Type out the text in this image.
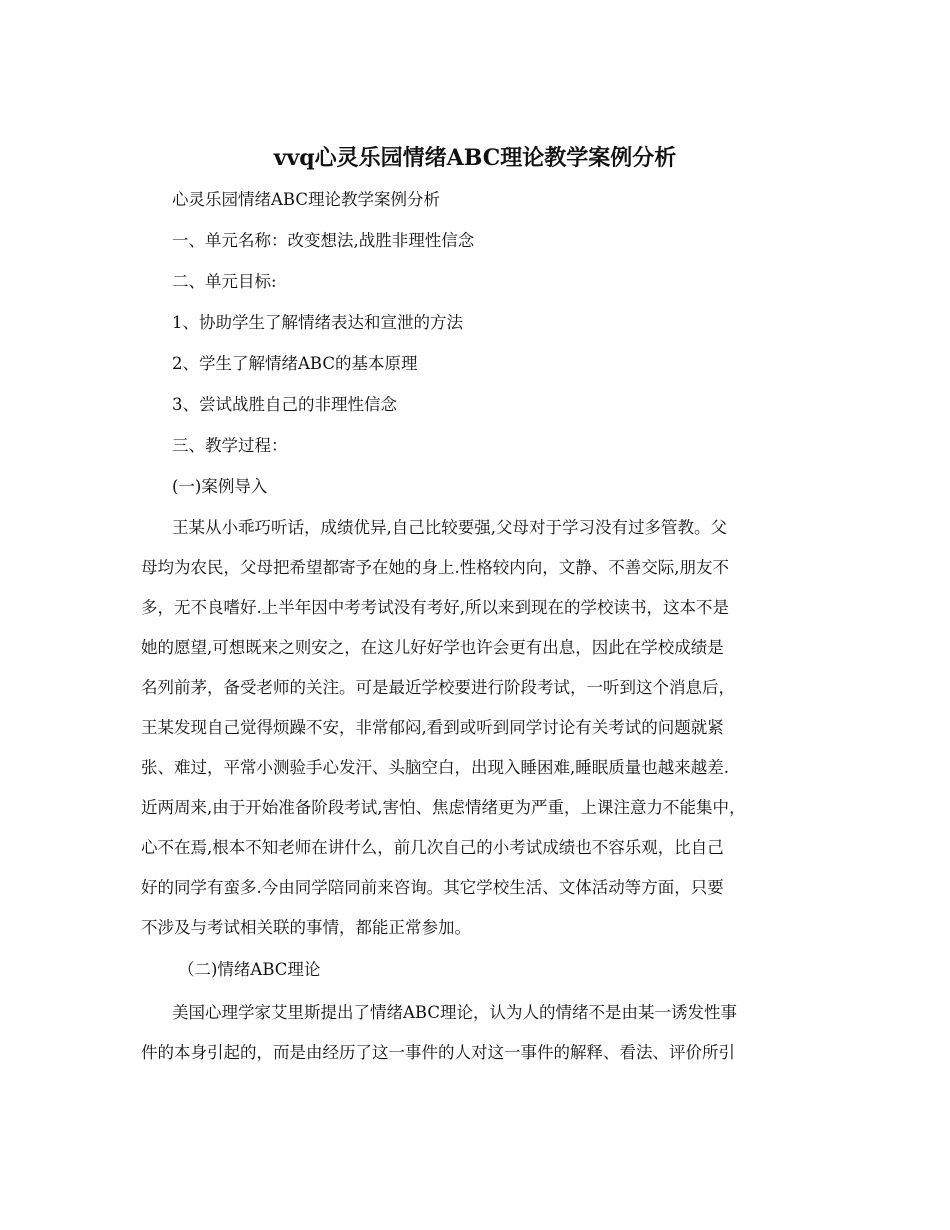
vvq心灵乐园情绪ABC理论教学案例分析

心灵乐园情绪ABC理论教学案例分析

一、单元名称：改变想法,战胜非理性信念

二、单元目标:

1、协助学生了解情绪表达和宣泄的方法

2、学生了解情绪ABC的基本原理

3、尝试战胜自己的非理性信念

三、教学过程：

(一)案例导入

王某从小乖巧听话，成绩优异,自己比较要强,父母对于学习没有过多管教。父

母均为农民，父母把希望都寄予在她的身上.性格较内向，文静、不善交际,朋友不

多，无不良嗜好.上半年因中考考试没有考好,所以来到现在的学校读书，这本不是

她的愿望,可想既来之则安之，在这儿好好学也许会更有出息，因此在学校成绩是

名列前茅，备受老师的关注。可是最近学校要进行阶段考试，一听到这个消息后，

王某发现自己觉得烦躁不安，非常郁闷,看到或听到同学讨论有关考试的问题就紧

张、难过，平常小测验手心发汗、头脑空白，出现入睡困难,睡眠质量也越来越差.

近两周来,由于开始准备阶段考试,害怕、焦虑情绪更为严重，上课注意力不能集中，

心不在焉,根本不知老师在讲什么，前几次自己的小考试成绩也不容乐观，比自己

好的同学有蛮多.今由同学陪同前来咨询。其它学校生活、文体活动等方面，只要

不涉及与考试相关联的事情，都能正常参加。

（二)情绪ABC理论

美国心理学家艾里斯提出了情绪ABC理论，认为人的情绪不是由某一诱发性事

件的本身引起的，而是由经历了这一事件的人对这一事件的解释、看法、评价所引
